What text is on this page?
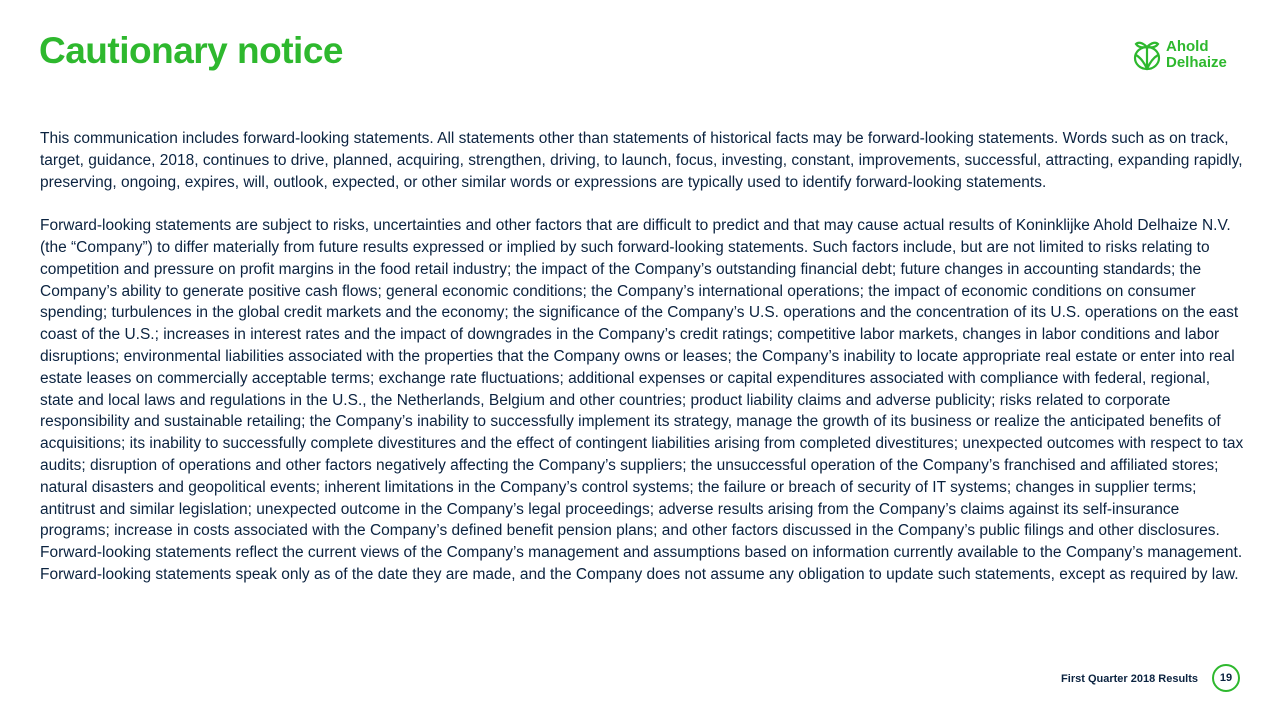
Cautionary notice	Ahold
Delhaize

This communication includes forward-looking statements. All statements other than statements of historical facts may be forward-looking statements. Words such as on track, target, guidance, 2018, continues to drive, planned, acquiring, strengthen, driving, to launch, focus, investing, constant, improvements, successful, attracting, expanding rapidly, preserving, ongoing, expires, will, outlook, expected, or other similar words or expressions are typically used to identify forward-looking statements.

Forward-looking statements are subject to risks, uncertainties and other factors that are difficult to predict and that may cause actual results of Koninklijke Ahold Delhaize N.V. (the “Company”) to differ materially from future results expressed or implied by such forward-looking statements. Such factors include, but are not limited to risks relating to competition and pressure on profit margins in the food retail industry; the impact of the Company’s outstanding financial debt; future changes in accounting standards; the Company’s ability to generate positive cash flows; general economic conditions; the Company’s international operations; the impact of economic conditions on consumer spending; turbulences in the global credit markets and the economy; the significance of the Company’s U.S. operations and the concentration of its U.S. operations on the east coast of the U.S.; increases in interest rates and the impact of downgrades in the Company’s credit ratings; competitive labor markets, changes in labor conditions and labor disruptions; environmental liabilities associated with the properties that the Company owns or leases; the Company’s inability to locate appropriate real estate or enter into real estate leases on commercially acceptable terms; exchange rate fluctuations; additional expenses or capital expenditures associated with compliance with federal, regional, state and local laws and regulations in the U.S., the Netherlands, Belgium and other countries; product liability claims and adverse publicity; risks related to corporate responsibility and sustainable retailing; the Company’s inability to successfully implement its strategy, manage the growth of its business or realize the anticipated benefits of acquisitions; its inability to successfully complete divestitures and the effect of contingent liabilities arising from completed divestitures; unexpected outcomes with respect to tax audits; disruption of operations and other factors negatively affecting the Company’s suppliers; the unsuccessful operation of the Company’s franchised and affiliated stores; natural disasters and geopolitical events; inherent limitations in the Company’s control systems; the failure or breach of security of IT systems; changes in supplier terms; antitrust and similar legislation; unexpected outcome in the Company’s legal proceedings; adverse results arising from the Company’s claims against its self-insurance programs; increase in costs associated with the Company’s defined benefit pension plans; and other factors discussed in the Company’s public filings and other disclosures. Forward-looking statements reflect the current views of the Company’s management and assumptions based on information currently available to the Company’s management. Forward-looking statements speak only as of the date they are made, and the Company does not assume any obligation to update such statements, except as required by law.

First Quarter 2018 Results	19
